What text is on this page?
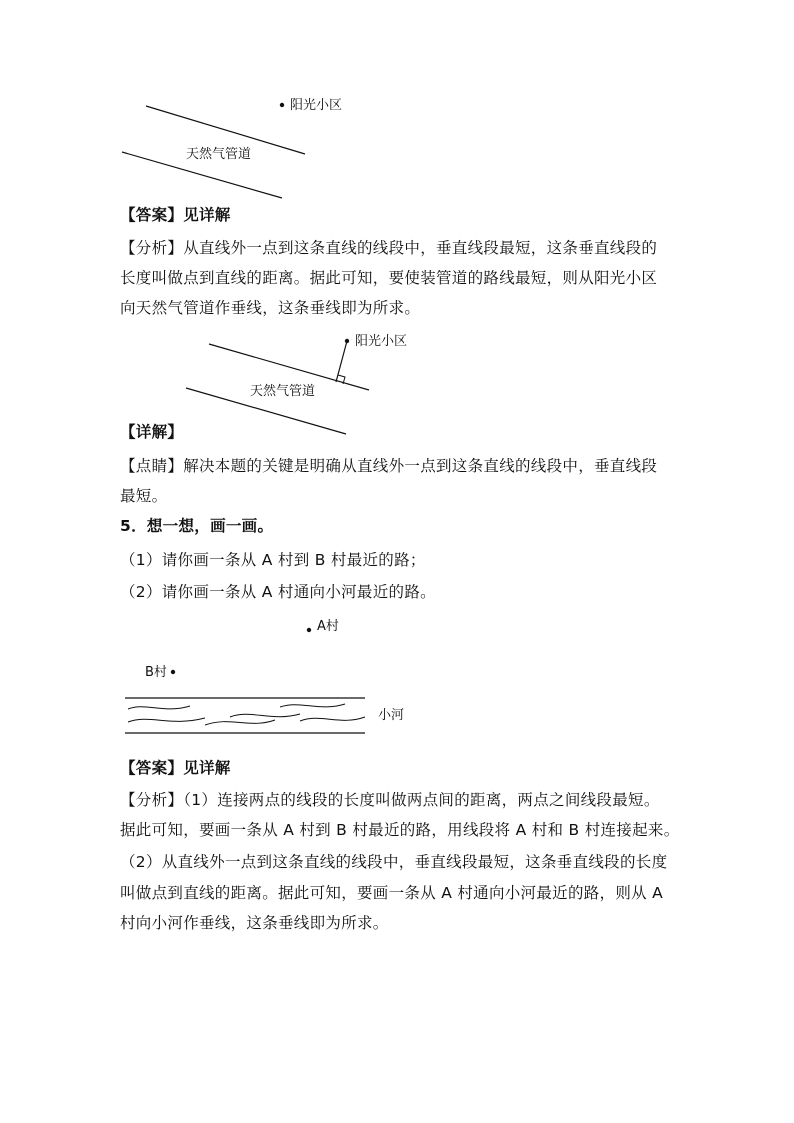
阳光小区
天然气管道
【答案】见详解
【分析】从直线外一点到这条直线的线段中，垂直线段最短，这条垂直线段的
长度叫做点到直线的距离。据此可知，要使装管道的路线最短，则从阳光小区
向天然气管道作垂线，这条垂线即为所求。
阳光小区
天然气管道
【详解】
【点睛】解决本题的关键是明确从直线外一点到这条直线的线段中，垂直线段
最短。
5．想一想，画一画。
（1）请你画一条从 A 村到 B 村最近的路；
（2）请你画一条从 A 村通向小河最近的路。
A村
B村
小河
【答案】见详解
【分析】（1）连接两点的线段的长度叫做两点间的距离，两点之间线段最短。
据此可知，要画一条从 A 村到 B 村最近的路，用线段将 A 村和 B 村连接起来。
（2）从直线外一点到这条直线的线段中，垂直线段最短，这条垂直线段的长度
叫做点到直线的距离。据此可知，要画一条从 A 村通向小河最近的路，则从 A
村向小河作垂线，这条垂线即为所求。
